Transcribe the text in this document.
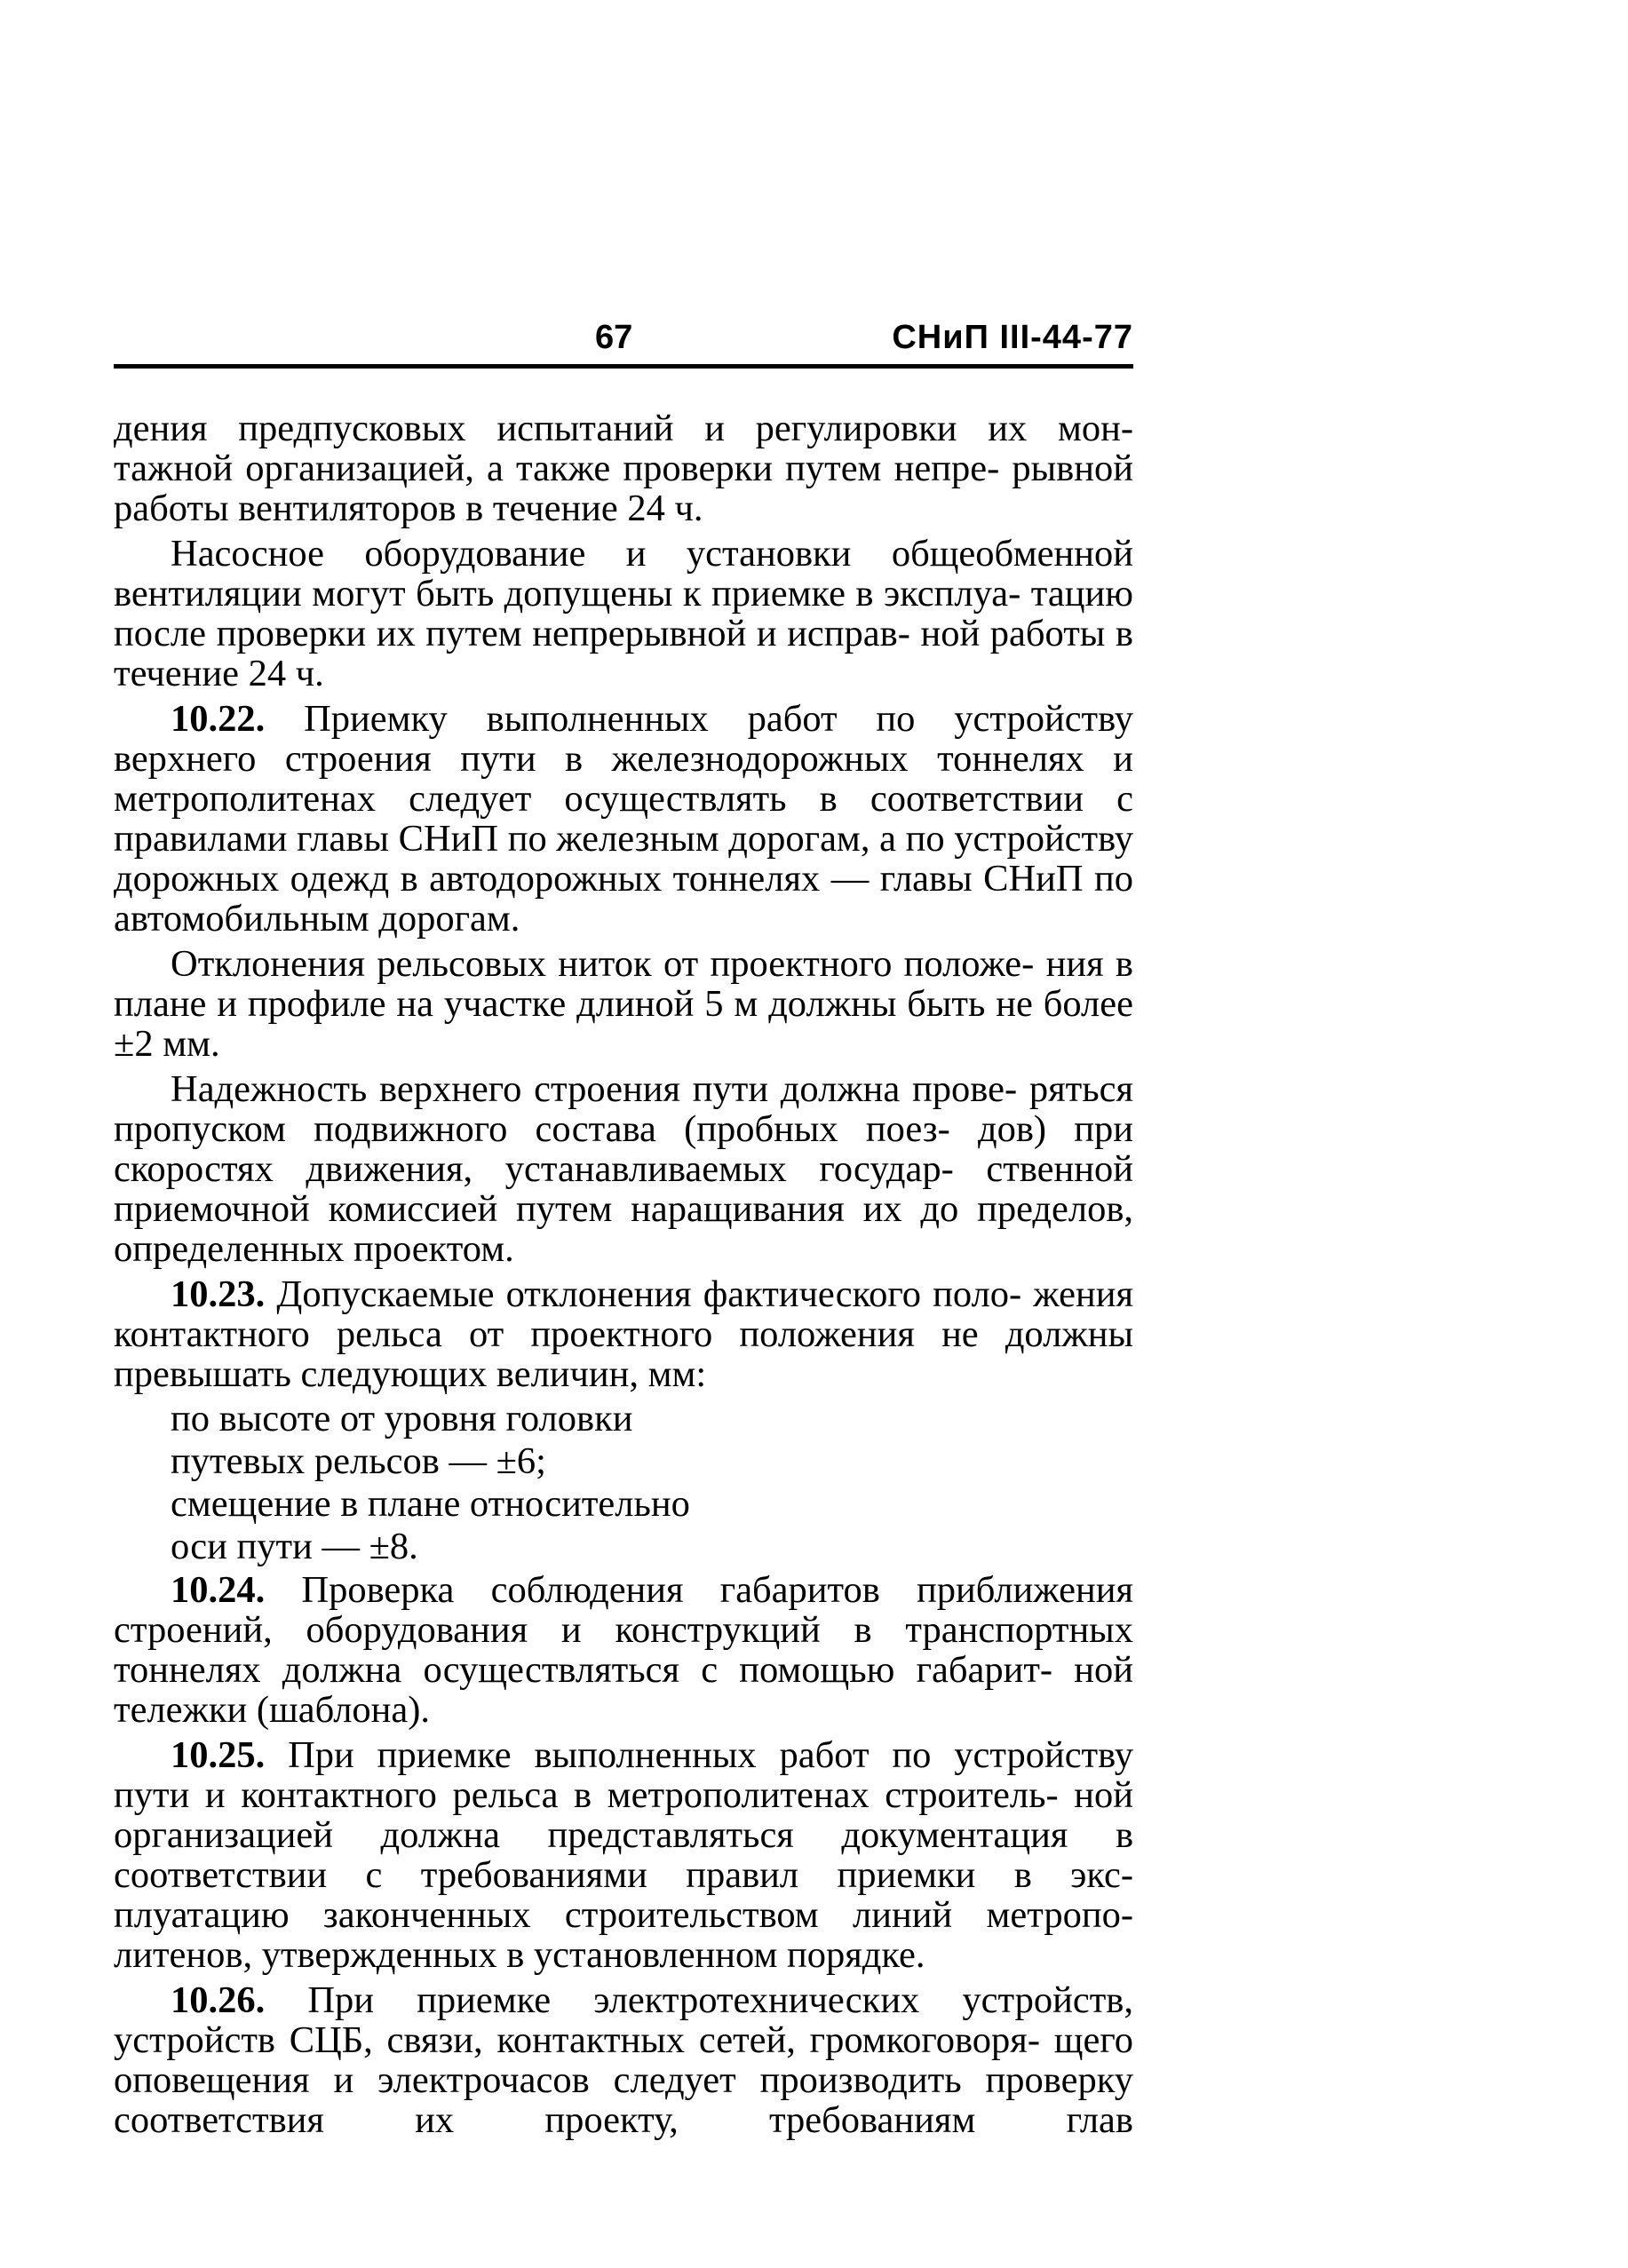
67	СНиП III-44-77

дения предпусковых испытаний и регулировки их мон- тажной организацией, а также проверки путем непре- рывной работы вентиляторов в течение 24 ч.

Насосное оборудование и установки общеобменной вентиляции могут быть допущены к приемке в эксплуа- тацию после проверки их путем непрерывной и исправ- ной работы в течение 24 ч.

10.22. Приемку выполненных работ по устройству верхнего строения пути в железнодорожных тоннелях и метрополитенах следует осуществлять в соответствии с правилами главы СНиП по железным дорогам, а по устройству дорожных одежд в автодорожных тоннелях — главы СНиП по автомобильным дорогам.

Отклонения рельсовых ниток от проектного положе- ния в плане и профиле на участке длиной 5 м должны быть не более ±2 мм.

Надежность верхнего строения пути должна прове- ряться пропуском подвижного состава (пробных поез- дов) при скоростях движения, устанавливаемых государ- ственной приемочной комиссией путем наращивания их до пределов, определенных проектом.

10.23. Допускаемые отклонения фактического поло- жения контактного рельса от проектного положения не должны превышать следующих величин, мм:

по высоте от уровня головки
путевых рельсов — ±6;
смещение в плане относительно
оси пути — ±8.

10.24. Проверка соблюдения габаритов приближения строений, оборудования и конструкций в транспортных тоннелях должна осуществляться с помощью габарит- ной тележки (шаблона).

10.25. При приемке выполненных работ по устройству пути и контактного рельса в метрополитенах строитель- ной организацией должна представляться документация в соответствии с требованиями правил приемки в экс- плуатацию законченных строительством линий метропо- литенов, утвержденных в установленном порядке.

10.26. При приемке электротехнических устройств, устройств СЦБ, связи, контактных сетей, громкоговоря- щего оповещения и электрочасов следует производить проверку соответствия их проекту, требованиям глав
